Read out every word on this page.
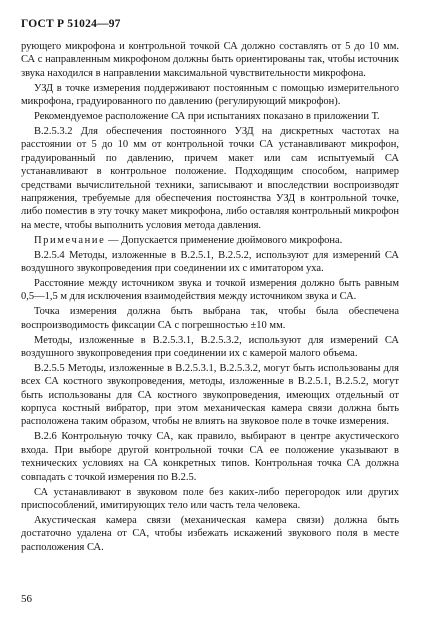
ГОСТ Р 51024—97

рующего микрофона и контрольной точкой СА должно составлять от 5 до 10 мм. СА с направленным микрофоном должны быть ориентированы так, чтобы источник звука находился в направлении максимальной чувствительности микрофона.

УЗД в точке измерения поддерживают постоянным с помощью измерительного микрофона, градуированного по давлению (регулирующий микрофон).

Рекомендуемое расположение СА при испытаниях показано в приложении Т.

В.2.5.3.2 Для обеспечения постоянного УЗД на дискретных частотах на расстоянии от 5 до 10 мм от контрольной точки СА устанавливают микрофон, градуированный по давлению, причем макет или сам испытуемый СА устанавливают в контрольное положение. Подходящим способом, например средствами вычислительной техники, записывают и впоследствии воспроизводят напряжения, требуемые для обеспечения постоянства УЗД в контрольной точке, либо поместив в эту точку макет микрофона, либо оставляя контрольный микрофон на месте, чтобы выполнить условия метода давления.

Примечание — Допускается применение дюймового микрофона.

В.2.5.4 Методы, изложенные в В.2.5.1, В.2.5.2, используют для измерений СА воздушного звукопроведения при соединении их с имитатором уха.

Расстояние между источником звука и точкой измерения должно быть равным 0,5—1,5 м для исключения взаимодействия между источником звука и СА.

Точка измерения должна быть выбрана так, чтобы была обеспечена воспроизводимость фиксации СА с погрешностью ±10 мм.

Методы, изложенные в В.2.5.3.1, В.2.5.3.2, используют для измерений СА воздушного звукопроведения при соединении их с камерой малого объема.

В.2.5.5 Методы, изложенные в В.2.5.3.1, В.2.5.3.2, могут быть использованы для всех СА костного звукопроведения, методы, изложенные в В.2.5.1, В.2.5.2, могут быть использованы для СА костного звукопроведения, имеющих отдельный от корпуса костный вибратор, при этом механическая камера связи должна быть расположена таким образом, чтобы не влиять на звуковое поле в точке измерения.

В.2.6 Контрольную точку СА, как правило, выбирают в центре акустического входа. При выборе другой контрольной точки СА ее положение указывают в технических условиях на СА конкретных типов. Контрольная точка СА должна совпадать с точкой измерения по В.2.5.

СА устанавливают в звуковом поле без каких-либо перегородок или других приспособлений, имитирующих тело или часть тела человека.

Акустическая камера связи (механическая камера связи) должна быть достаточно удалена от СА, чтобы избежать искажений звукового поля в месте расположения СА.

56
